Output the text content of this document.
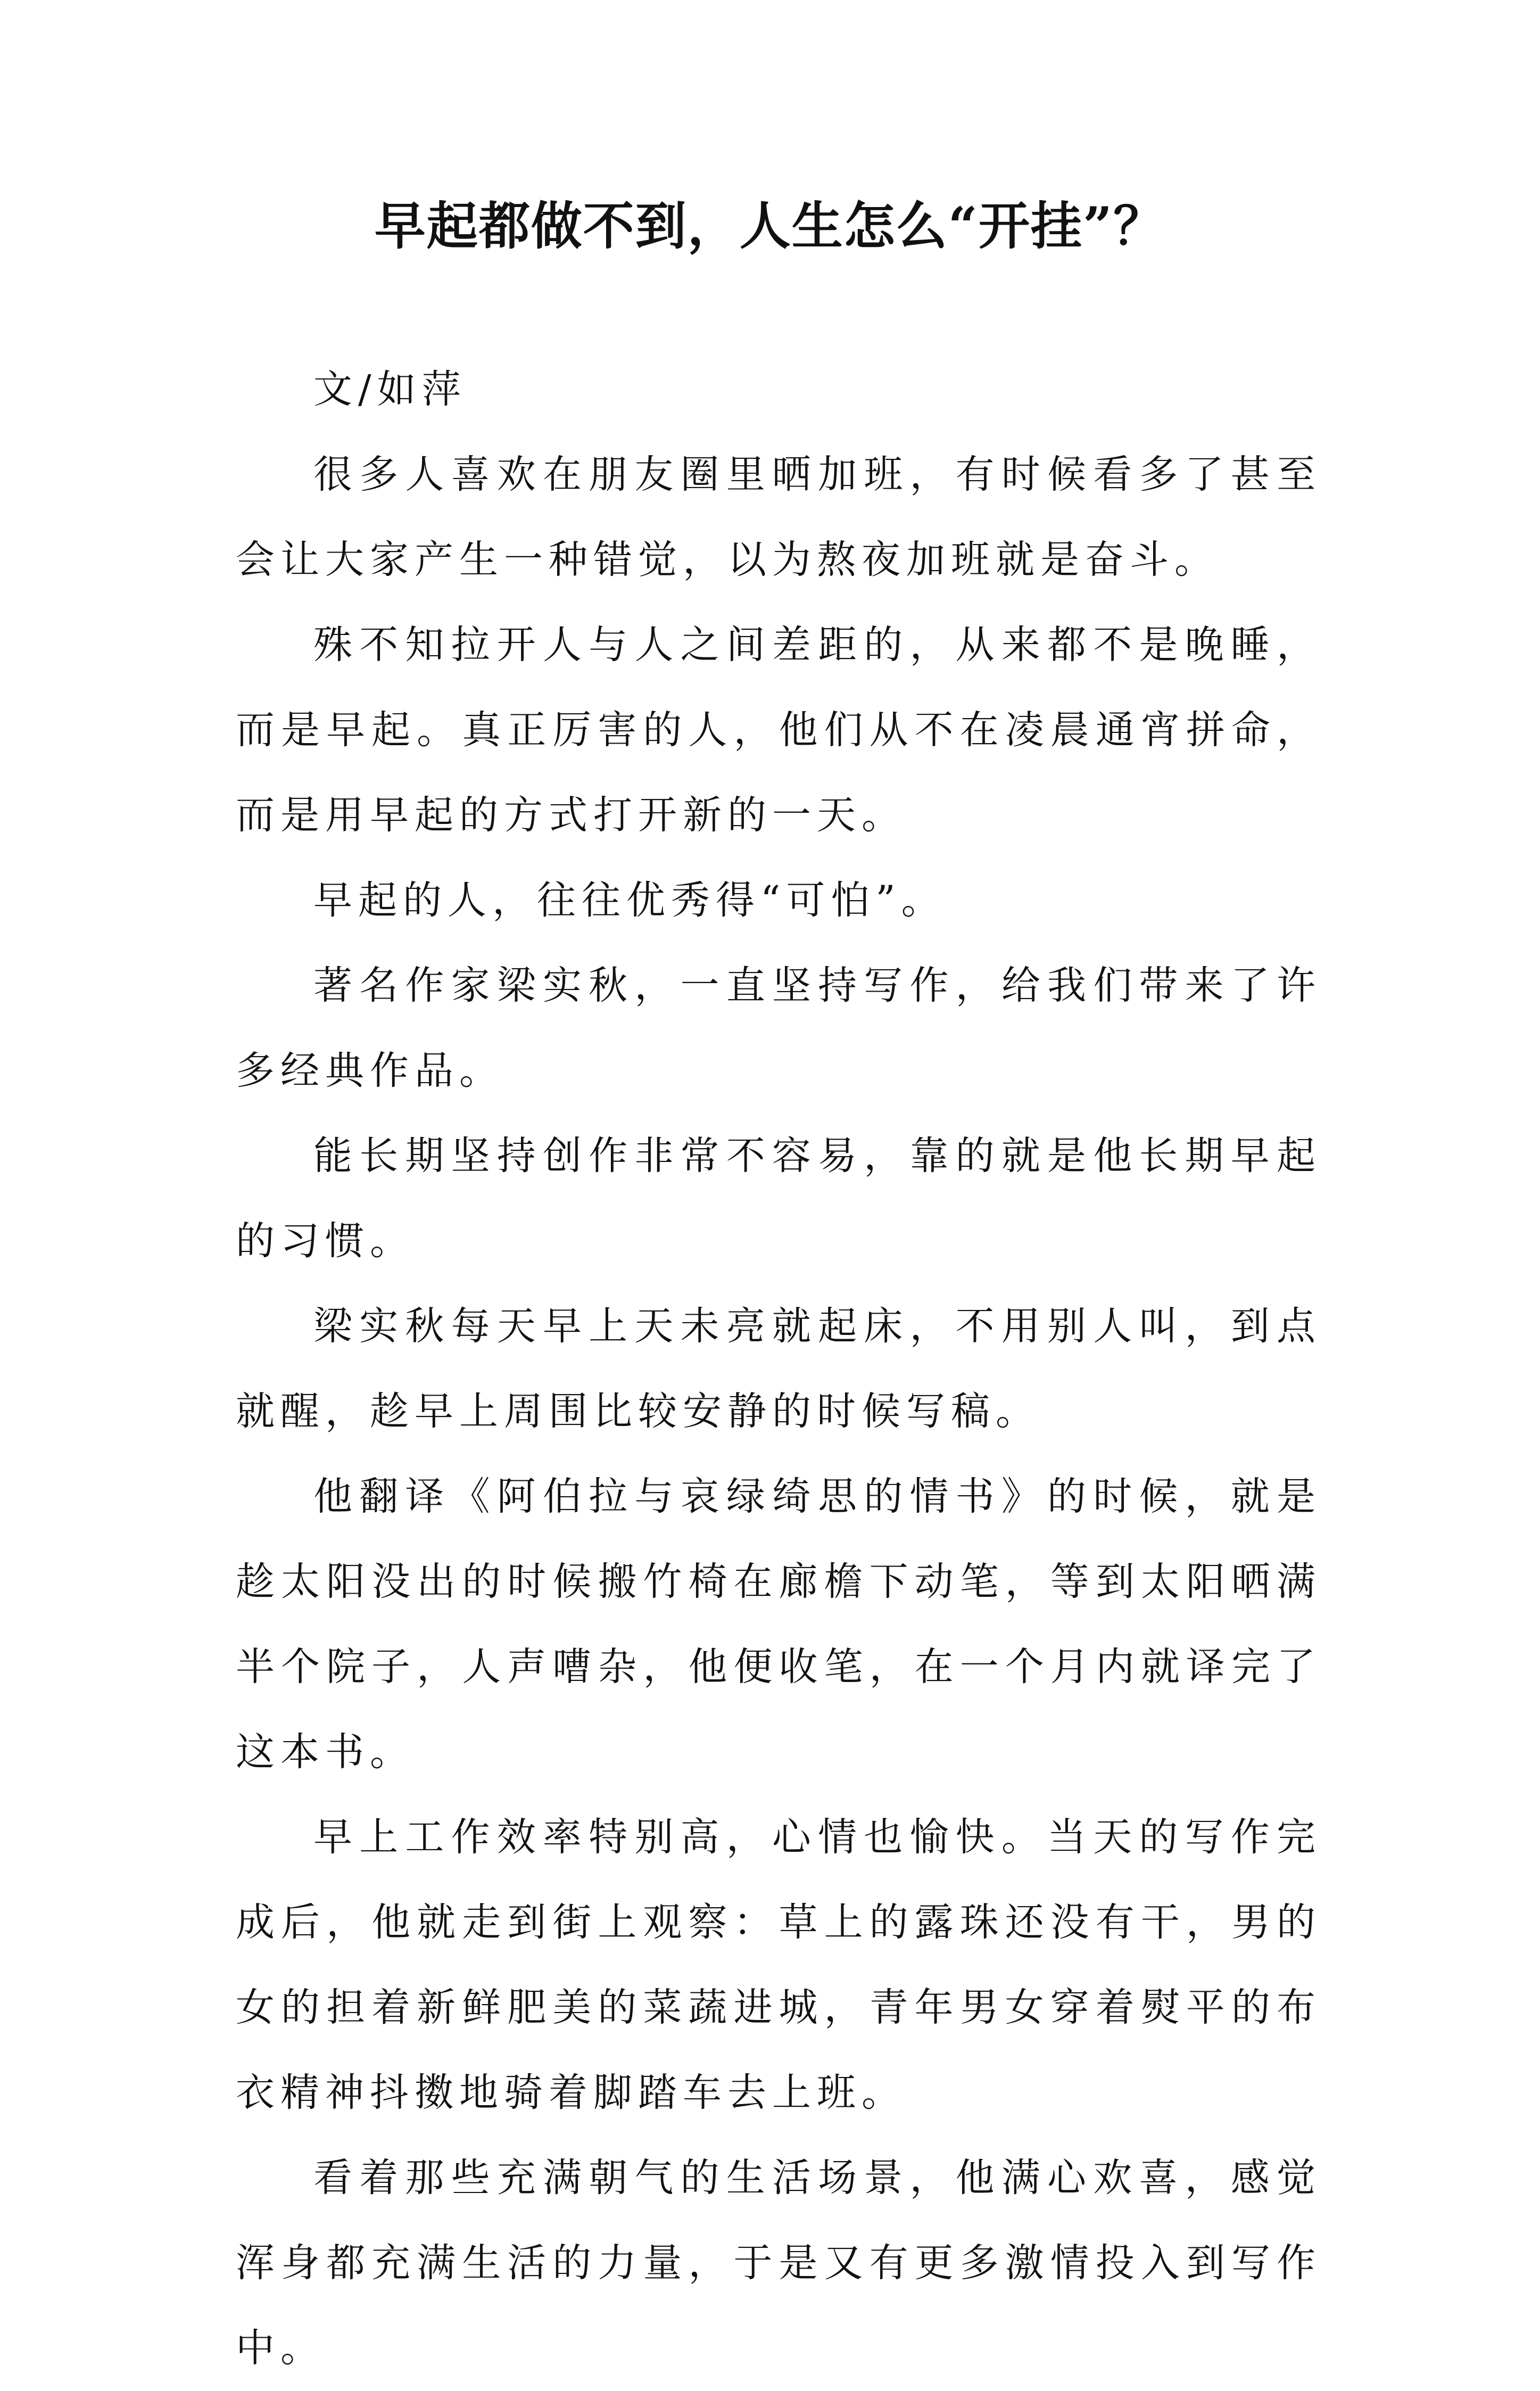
早起都做不到，人生怎么“开挂”？

文/如萍

很多人喜欢在朋友圈里晒加班，有时候看多了甚至会让大家产生一种错觉，以为熬夜加班就是奋斗。

殊不知拉开人与人之间差距的，从来都不是晚睡，而是早起。真正厉害的人，他们从不在凌晨通宵拼命，而是用早起的方式打开新的一天。

早起的人，往往优秀得“可怕”。

著名作家梁实秋，一直坚持写作，给我们带来了许多经典作品。

能长期坚持创作非常不容易，靠的就是他长期早起的习惯。

梁实秋每天早上天未亮就起床，不用别人叫，到点就醒，趁早上周围比较安静的时候写稿。

他翻译《阿伯拉与哀绿绮思的情书》的时候，就是趁太阳没出的时候搬竹椅在廊檐下动笔，等到太阳晒满半个院子，人声嘈杂，他便收笔，在一个月内就译完了这本书。

早上工作效率特别高，心情也愉快。当天的写作完成后，他就走到街上观察：草上的露珠还没有干，男的女的担着新鲜肥美的菜蔬进城，青年男女穿着熨平的布衣精神抖擞地骑着脚踏车去上班。

看着那些充满朝气的生活场景，他满心欢喜，感觉浑身都充满生活的力量，于是又有更多激情投入到写作中。
